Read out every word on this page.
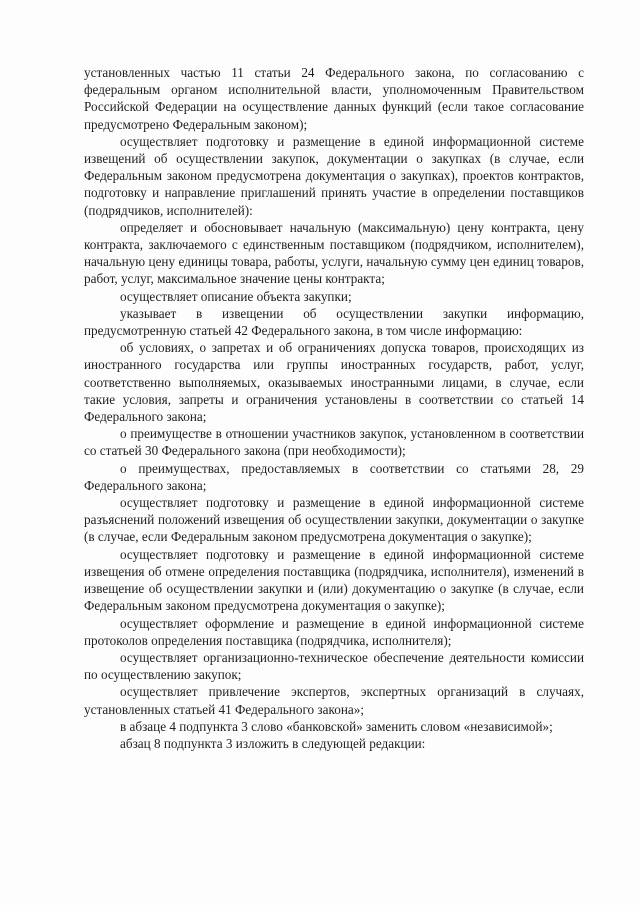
установленных частью 11 статьи 24 Федерального закона, по согласованию с федеральным органом исполнительной власти, уполномоченным Правительством Российской Федерации на осуществление данных функций (если такое согласование предусмотрено Федеральным законом);

осуществляет подготовку и размещение в единой информационной системе извещений об осуществлении закупок, документации о закупках (в случае, если Федеральным законом предусмотрена документация о закупках), проектов контрактов, подготовку и направление приглашений принять участие в определении поставщиков (подрядчиков, исполнителей):

определяет и обосновывает начальную (максимальную) цену контракта, цену контракта, заключаемого с единственным поставщиком (подрядчиком, исполнителем), начальную цену единицы товара, работы, услуги, начальную сумму цен единиц товаров, работ, услуг, максимальное значение цены контракта;

осуществляет описание объекта закупки;

указывает в извещении об осуществлении закупки информацию, предусмотренную статьей 42 Федерального закона, в том числе информацию:

об условиях, о запретах и об ограничениях допуска товаров, происходящих из иностранного государства или группы иностранных государств, работ, услуг, соответственно выполняемых, оказываемых иностранными лицами, в случае, если такие условия, запреты и ограничения установлены в соответствии со статьей 14 Федерального закона;

о преимуществе в отношении участников закупок, установленном в соответствии со статьей 30 Федерального закона (при необходимости);

о преимуществах, предоставляемых в соответствии со статьями 28, 29 Федерального закона;

осуществляет подготовку и размещение в единой информационной системе разъяснений положений извещения об осуществлении закупки, документации о закупке (в случае, если Федеральным законом предусмотрена документация о закупке);

осуществляет подготовку и размещение в единой информационной системе извещения об отмене определения поставщика (подрядчика, исполнителя), изменений в извещение об осуществлении закупки и (или) документацию о закупке (в случае, если Федеральным законом предусмотрена документация о закупке);

осуществляет оформление и размещение в единой информационной системе протоколов определения поставщика (подрядчика, исполнителя);

осуществляет организационно-техническое обеспечение деятельности комиссии по осуществлению закупок;

осуществляет привлечение экспертов, экспертных организаций в случаях, установленных статьей 41 Федерального закона»;

в абзаце 4 подпункта 3 слово «банковской» заменить словом «независимой»;

абзац 8 подпункта 3 изложить в следующей редакции:
